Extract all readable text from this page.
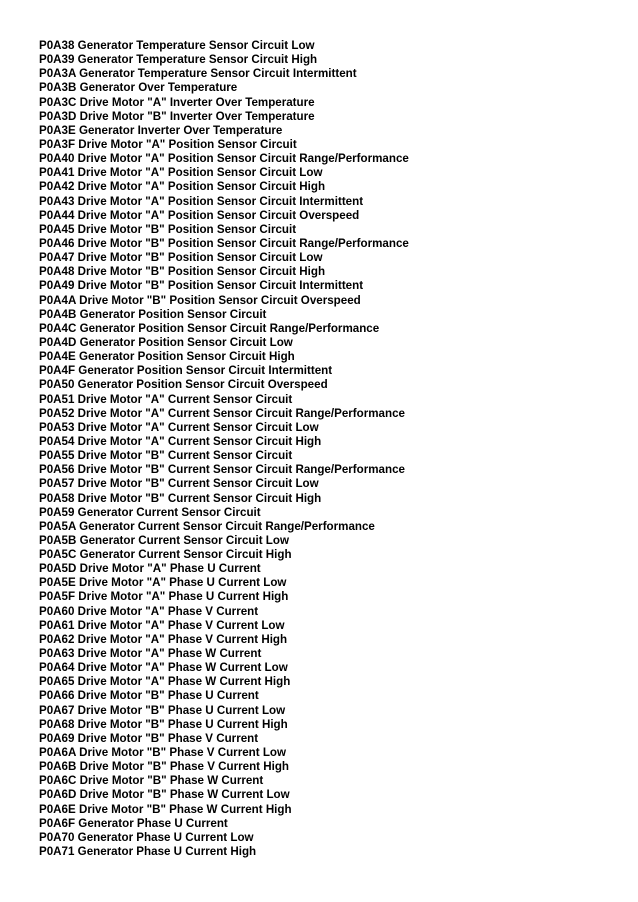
P0A38 Generator Temperature Sensor Circuit Low
P0A39 Generator Temperature Sensor Circuit High
P0A3A Generator Temperature Sensor Circuit Intermittent
P0A3B Generator Over Temperature
P0A3C Drive Motor "A" Inverter Over Temperature
P0A3D Drive Motor "B" Inverter Over Temperature
P0A3E Generator Inverter Over Temperature
P0A3F Drive Motor "A" Position Sensor Circuit
P0A40 Drive Motor "A" Position Sensor Circuit Range/Performance
P0A41 Drive Motor "A" Position Sensor Circuit Low
P0A42 Drive Motor "A" Position Sensor Circuit High
P0A43 Drive Motor "A" Position Sensor Circuit Intermittent
P0A44 Drive Motor "A" Position Sensor Circuit Overspeed
P0A45 Drive Motor "B" Position Sensor Circuit
P0A46 Drive Motor "B" Position Sensor Circuit Range/Performance
P0A47 Drive Motor "B" Position Sensor Circuit Low
P0A48 Drive Motor "B" Position Sensor Circuit High
P0A49 Drive Motor "B" Position Sensor Circuit Intermittent
P0A4A Drive Motor "B" Position Sensor Circuit Overspeed
P0A4B Generator Position Sensor Circuit
P0A4C Generator Position Sensor Circuit Range/Performance
P0A4D Generator Position Sensor Circuit Low
P0A4E Generator Position Sensor Circuit High
P0A4F Generator Position Sensor Circuit Intermittent
P0A50 Generator Position Sensor Circuit Overspeed
P0A51 Drive Motor "A" Current Sensor Circuit
P0A52 Drive Motor "A" Current Sensor Circuit Range/Performance
P0A53 Drive Motor "A" Current Sensor Circuit Low
P0A54 Drive Motor "A" Current Sensor Circuit High
P0A55 Drive Motor "B" Current Sensor Circuit
P0A56 Drive Motor "B" Current Sensor Circuit Range/Performance
P0A57 Drive Motor "B" Current Sensor Circuit Low
P0A58 Drive Motor "B" Current Sensor Circuit High
P0A59 Generator Current Sensor Circuit
P0A5A Generator Current Sensor Circuit Range/Performance
P0A5B Generator Current Sensor Circuit Low
P0A5C Generator Current Sensor Circuit High
P0A5D Drive Motor "A" Phase U Current
P0A5E Drive Motor "A" Phase U Current Low
P0A5F Drive Motor "A" Phase U Current High
P0A60 Drive Motor "A" Phase V Current
P0A61 Drive Motor "A" Phase V Current Low
P0A62 Drive Motor "A" Phase V Current High
P0A63 Drive Motor "A" Phase W Current
P0A64 Drive Motor "A" Phase W Current Low
P0A65 Drive Motor "A" Phase W Current High
P0A66 Drive Motor "B" Phase U Current
P0A67 Drive Motor "B" Phase U Current Low
P0A68 Drive Motor "B" Phase U Current High
P0A69 Drive Motor "B" Phase V Current
P0A6A Drive Motor "B" Phase V Current Low
P0A6B Drive Motor "B" Phase V Current High
P0A6C Drive Motor "B" Phase W Current
P0A6D Drive Motor "B" Phase W Current Low
P0A6E Drive Motor "B" Phase W Current High
P0A6F Generator Phase U Current
P0A70 Generator Phase U Current Low
P0A71 Generator Phase U Current High
